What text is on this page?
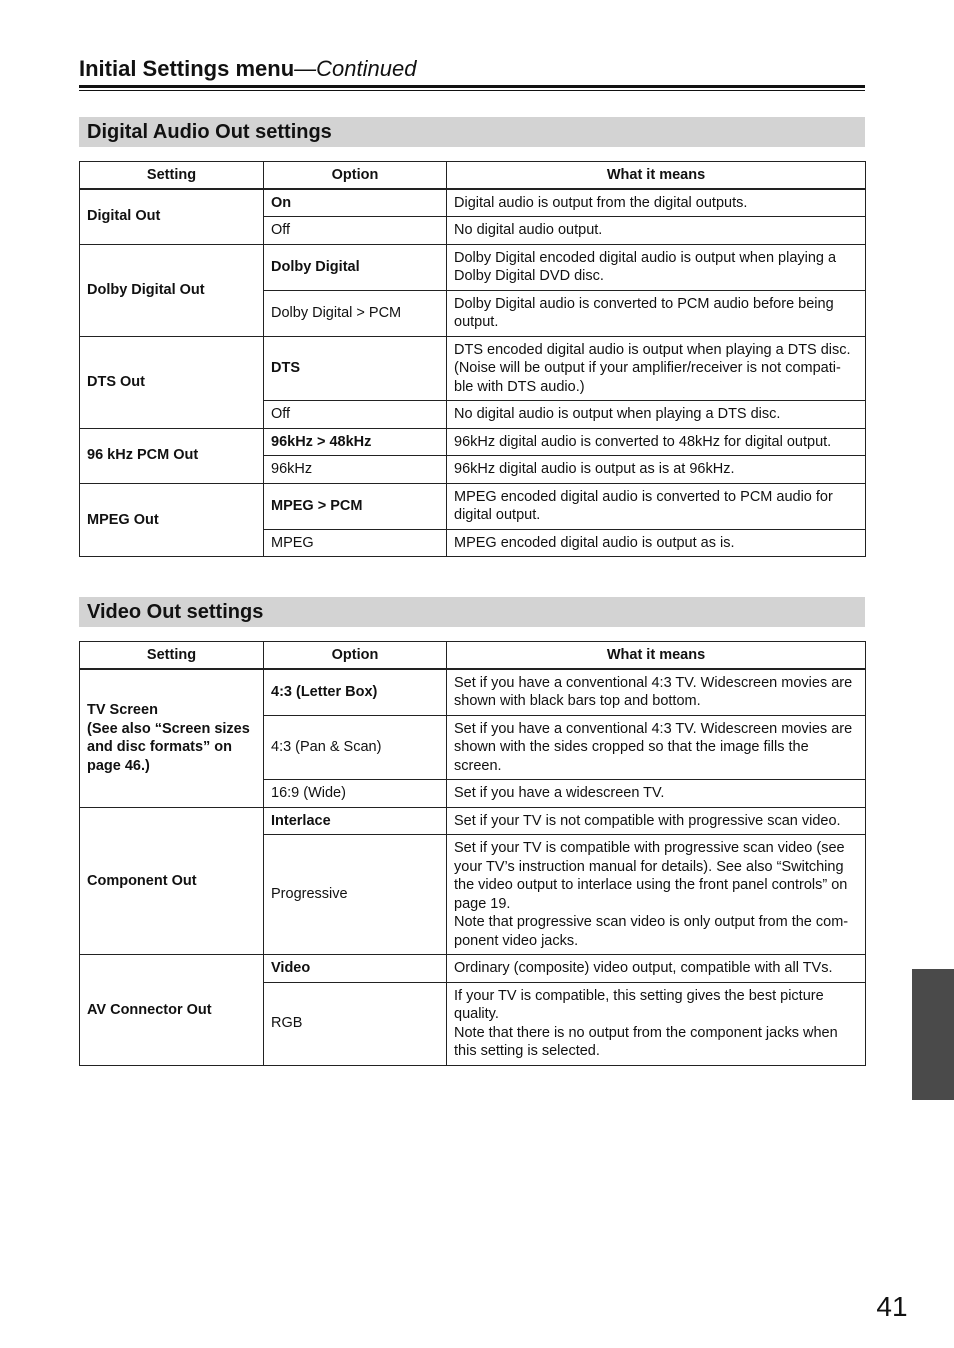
Initial Settings menu—Continued
Digital Audio Out settings
Setting	Option	What it means
Digital Out	On	Digital audio is output from the digital outputs.
	Off	No digital audio output.
Dolby Digital Out	Dolby Digital	Dolby Digital encoded digital audio is output when playing a Dolby Digital DVD disc.
	Dolby Digital > PCM	Dolby Digital audio is converted to PCM audio before being output.
DTS Out	DTS	DTS encoded digital audio is output when playing a DTS disc. (Noise will be output if your amplifier/receiver is not compati-ble with DTS audio.)
	Off	No digital audio is output when playing a DTS disc.
96 kHz PCM Out	96kHz > 48kHz	96kHz digital audio is converted to 48kHz for digital output.
	96kHz	96kHz digital audio is output as is at 96kHz.
MPEG Out	MPEG > PCM	MPEG encoded digital audio is converted to PCM audio for digital output.
	MPEG	MPEG encoded digital audio is output as is.
Video Out settings
Setting	Option	What it means
TV Screen
(See also “Screen sizes and disc formats” on page 46.)	4:3 (Letter Box)	Set if you have a conventional 4:3 TV. Widescreen movies are shown with black bars top and bottom.
	4:3 (Pan & Scan)	Set if you have a conventional 4:3 TV. Widescreen movies are shown with the sides cropped so that the image fills the screen.
	16:9 (Wide)	Set if you have a widescreen TV.
Component Out	Interlace	Set if your TV is not compatible with progressive scan video.
	Progressive	Set if your TV is compatible with progressive scan video (see your TV’s instruction manual for details). See also “Switching the video output to interlace using the front panel controls” on page 19.
Note that progressive scan video is only output from the com-ponent video jacks.
AV Connector Out	Video	Ordinary (composite) video output, compatible with all TVs.
	RGB	If your TV is compatible, this setting gives the best picture quality.
Note that there is no output from the component jacks when this setting is selected.
41
